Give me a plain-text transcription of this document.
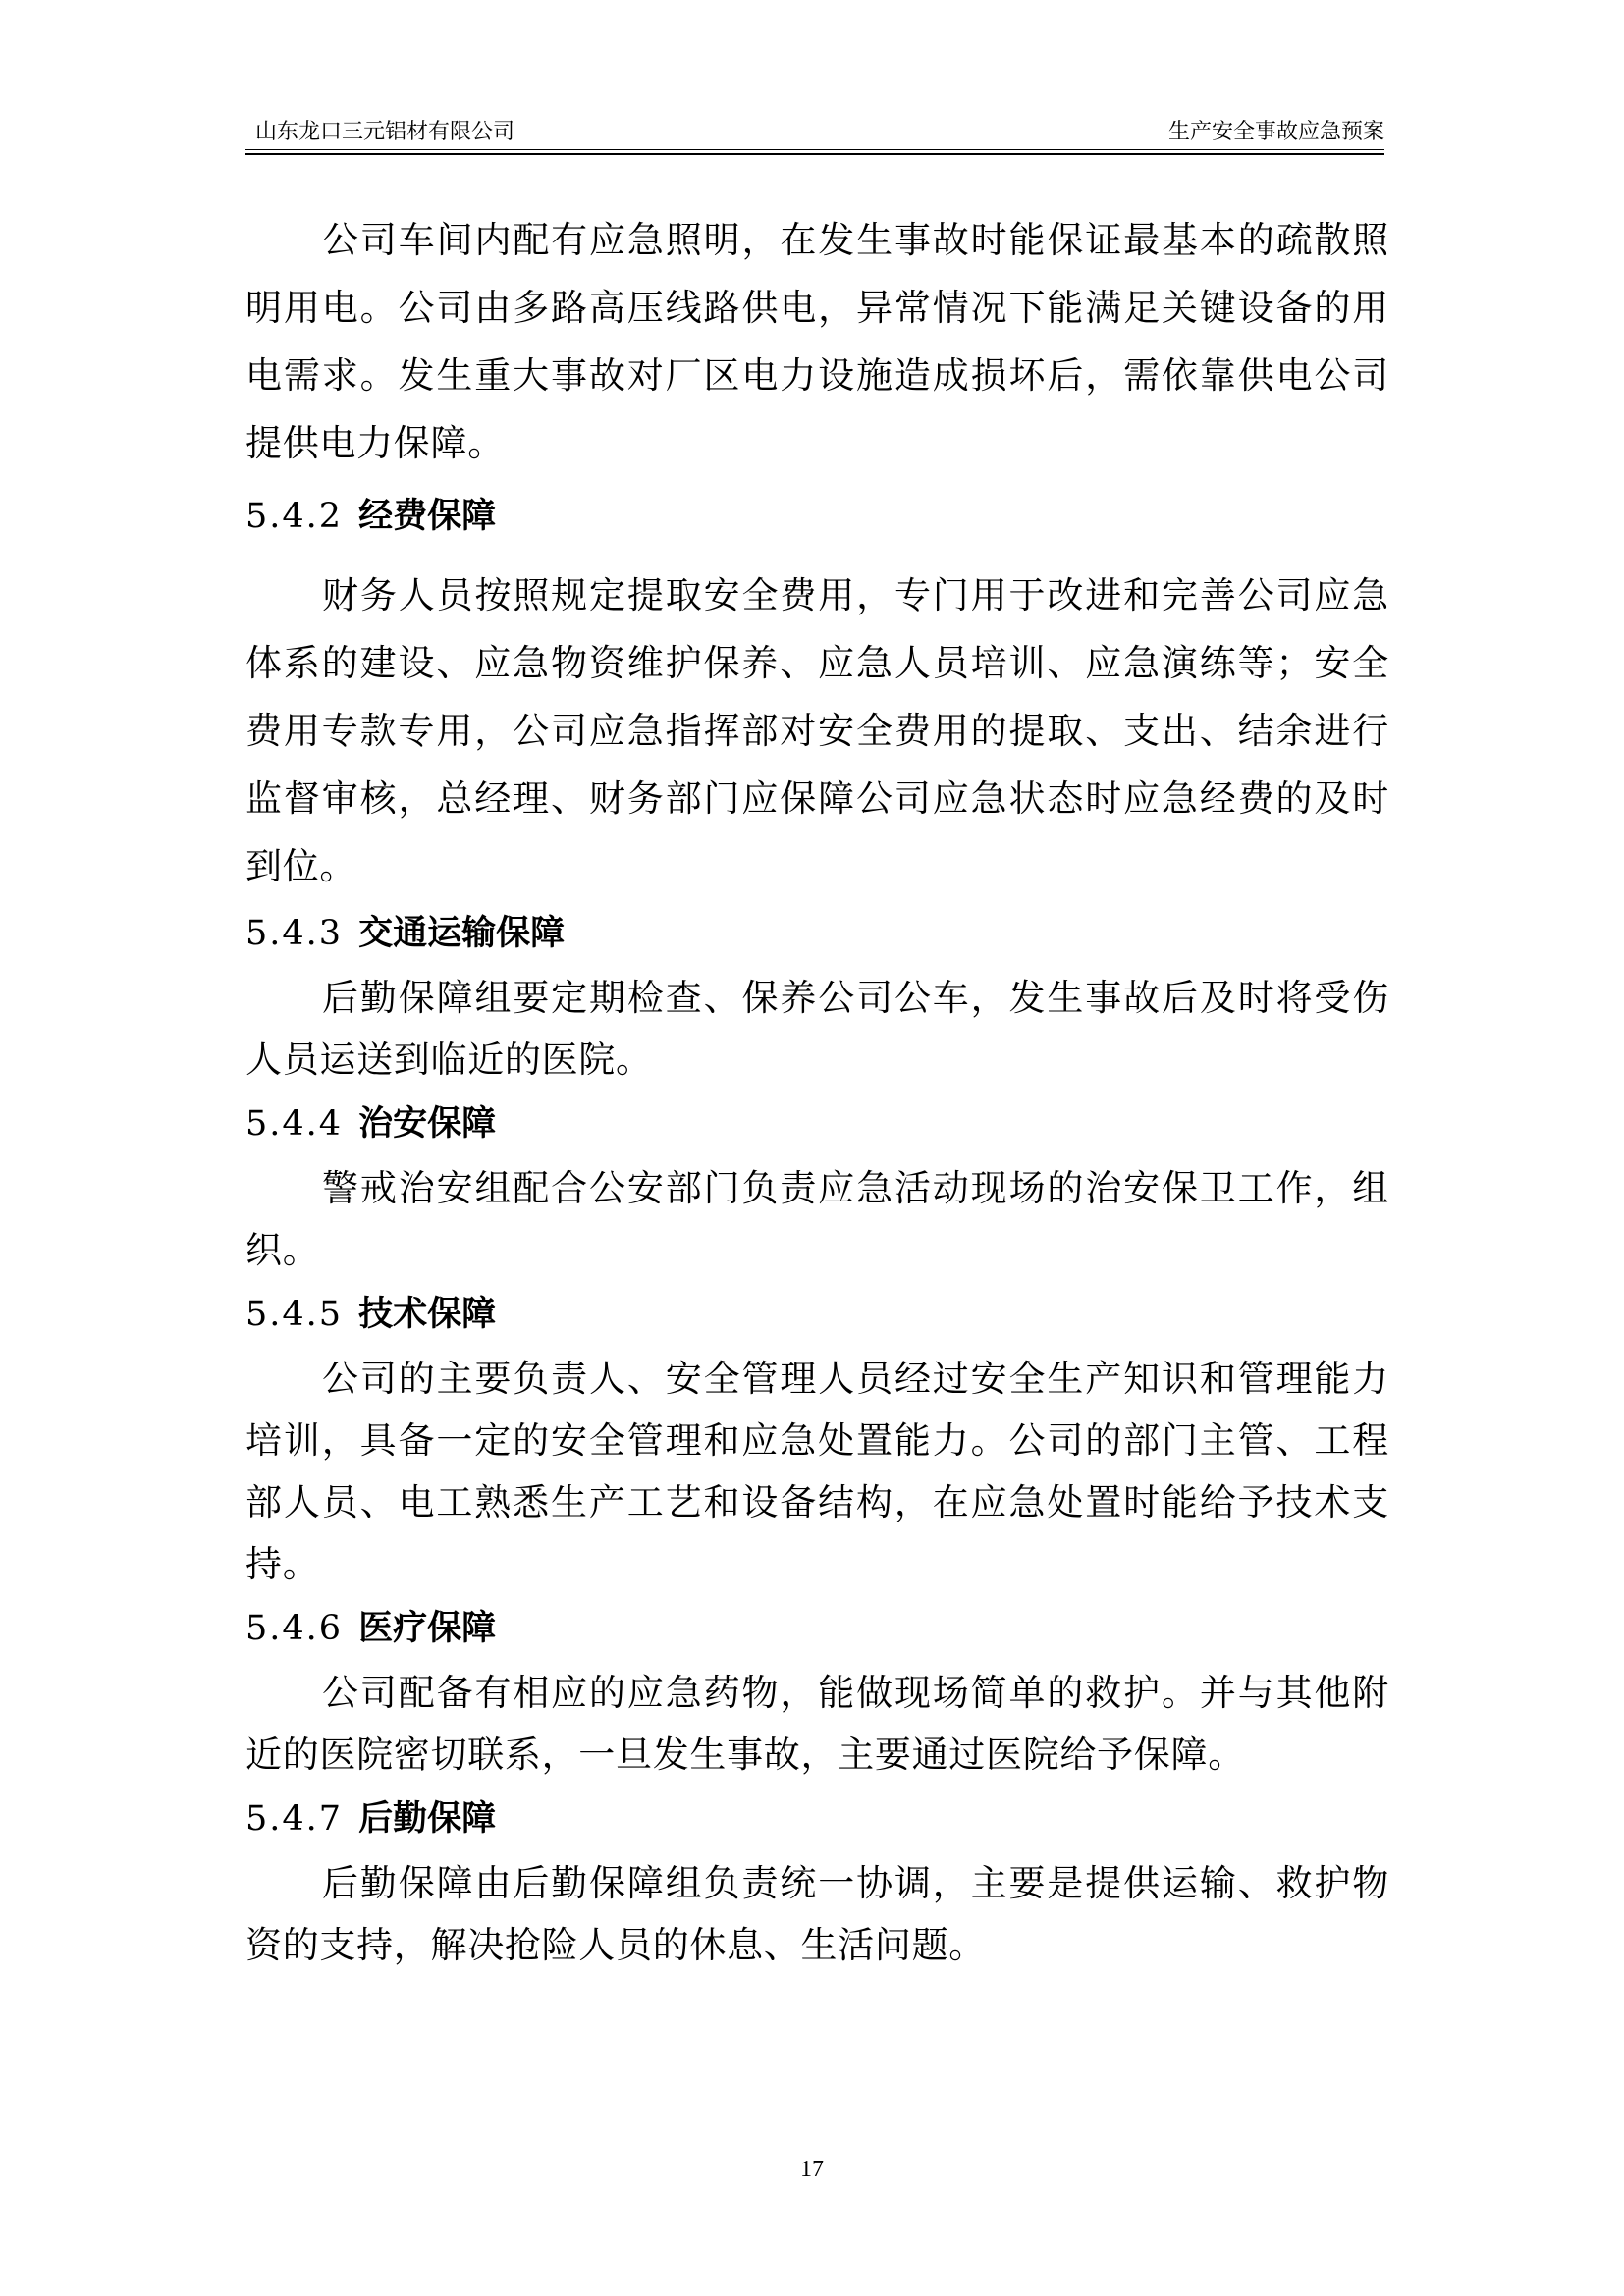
山东龙口三元铝材有限公司	生产安全事故应急预案

公司车间内配有应急照明，在发生事故时能保证最基本的疏散照明用电。公司由多路高压线路供电，异常情况下能满足关键设备的用电需求。发生重大事故对厂区电力设施造成损坏后，需依靠供电公司提供电力保障。

5.4.2 经费保障

财务人员按照规定提取安全费用，专门用于改进和完善公司应急体系的建设、应急物资维护保养、应急人员培训、应急演练等；安全费用专款专用，公司应急指挥部对安全费用的提取、支出、结余进行监督审核，总经理、财务部门应保障公司应急状态时应急经费的及时到位。

5.4.3 交通运输保障

后勤保障组要定期检查、保养公司公车，发生事故后及时将受伤人员运送到临近的医院。

5.4.4 治安保障

警戒治安组配合公安部门负责应急活动现场的治安保卫工作，组织。

5.4.5 技术保障

公司的主要负责人、安全管理人员经过安全生产知识和管理能力培训，具备一定的安全管理和应急处置能力。公司的部门主管、工程部人员、电工熟悉生产工艺和设备结构，在应急处置时能给予技术支持。

5.4.6 医疗保障

公司配备有相应的应急药物，能做现场简单的救护。并与其他附近的医院密切联系，一旦发生事故，主要通过医院给予保障。

5.4.7 后勤保障

后勤保障由后勤保障组负责统一协调，主要是提供运输、救护物资的支持，解决抢险人员的休息、生活问题。

17
